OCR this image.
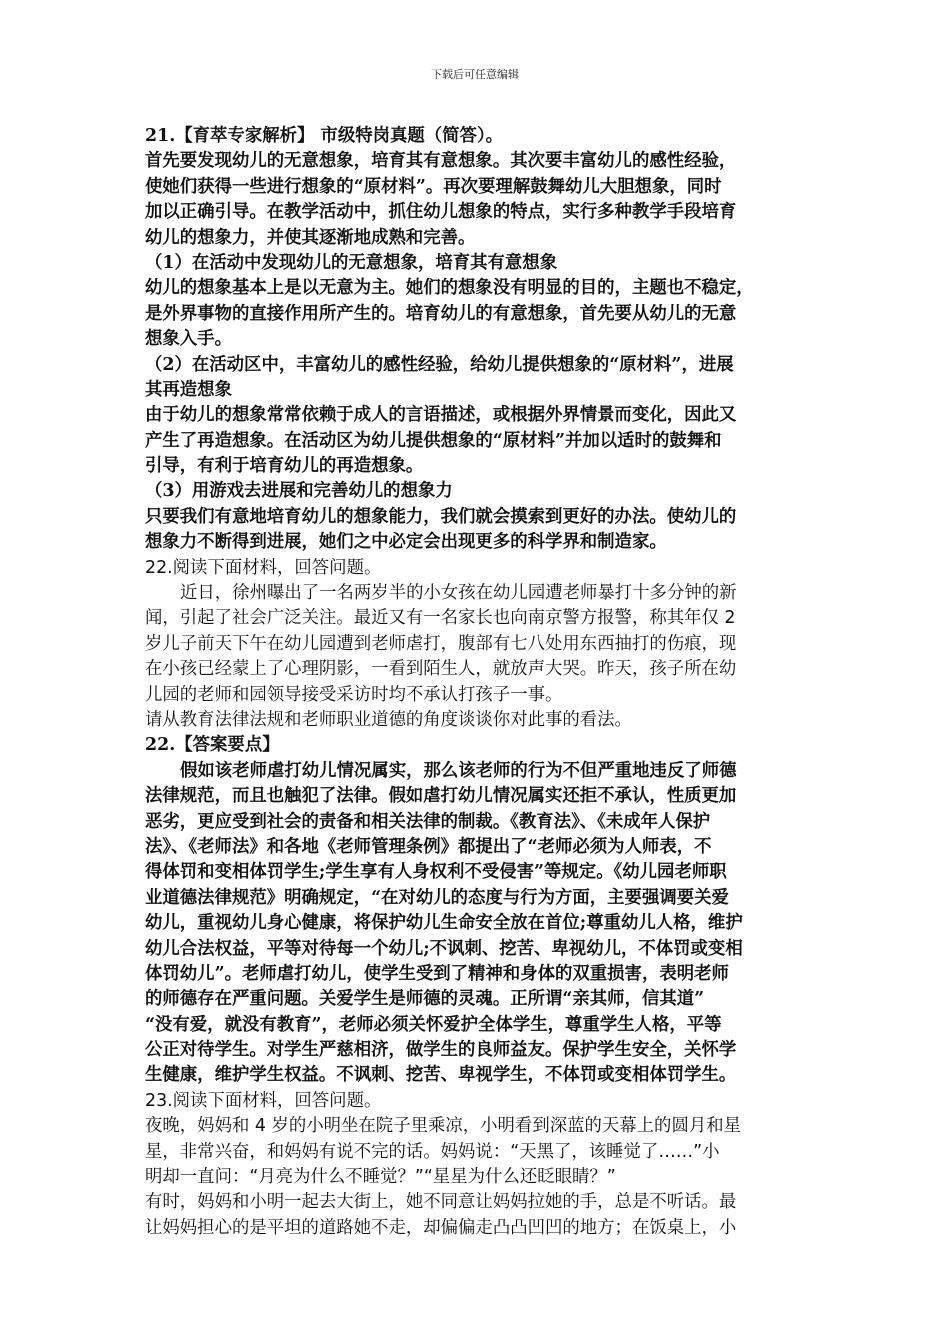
下载后可任意编辑
21.【育萃专家解析】 市级特岗真题（简答）。
首先要发现幼儿的无意想象，培育其有意想象。其次要丰富幼儿的感性经验，
使她们获得一些进行想象的“原材料”。再次要理解鼓舞幼儿大胆想象，同时
加以正确引导。在教学活动中，抓住幼儿想象的特点，实行多种教学手段培育
幼儿的想象力，并使其逐渐地成熟和完善。
（1）在活动中发现幼儿的无意想象，培育其有意想象
幼儿的想象基本上是以无意为主。她们的想象没有明显的目的，主题也不稳定，
是外界事物的直接作用所产生的。培育幼儿的有意想象，首先要从幼儿的无意
想象入手。
（2）在活动区中，丰富幼儿的感性经验，给幼儿提供想象的“原材料”，进展
其再造想象
由于幼儿的想象常常依赖于成人的言语描述，或根据外界情景而变化，因此又
产生了再造想象。在活动区为幼儿提供想象的“原材料”并加以适时的鼓舞和
引导，有利于培育幼儿的再造想象。
（3）用游戏去进展和完善幼儿的想象力
只要我们有意地培育幼儿的想象能力，我们就会摸索到更好的办法。使幼儿的
想象力不断得到进展，她们之中必定会出现更多的科学界和制造家。
22.阅读下面材料，回答问题。
近日，徐州曝出了一名两岁半的小女孩在幼儿园遭老师暴打十多分钟的新
闻，引起了社会广泛关注。最近又有一名家长也向南京警方报警，称其年仅 2
岁儿子前天下午在幼儿园遭到老师虐打，腹部有七八处用东西抽打的伤痕，现
在小孩已经蒙上了心理阴影，一看到陌生人，就放声大哭。昨天，孩子所在幼
儿园的老师和园领导接受采访时均不承认打孩子一事。
请从教育法律法规和老师职业道德的角度谈谈你对此事的看法。
22.【答案要点】
假如该老师虐打幼儿情况属实，那么该老师的行为不但严重地违反了师德
法律规范，而且也触犯了法律。假如虐打幼儿情况属实还拒不承认，性质更加
恶劣，更应受到社会的责备和相关法律的制裁。《教育法》、《未成年人保护
法》、《老师法》和各地《老师管理条例》都提出了“老师必须为人师表，不
得体罚和变相体罚学生;学生享有人身权利不受侵害”等规定。《幼儿园老师职
业道德法律规范》明确规定，“在对幼儿的态度与行为方面，主要强调要关爱
幼儿，重视幼儿身心健康，将保护幼儿生命安全放在首位;尊重幼儿人格，维护
幼儿合法权益，平等对待每一个幼儿;不讽刺、挖苦、卑视幼儿，不体罚或变相
体罚幼儿”。老师虐打幼儿，使学生受到了精神和身体的双重损害，表明老师
的师德存在严重问题。关爱学生是师德的灵魂。正所谓“亲其师，信其道”
“没有爱，就没有教育”，老师必须关怀爱护全体学生，尊重学生人格，平等
公正对待学生。对学生严慈相济，做学生的良师益友。保护学生安全，关怀学
生健康，维护学生权益。不讽刺、挖苦、卑视学生，不体罚或变相体罚学生。
23.阅读下面材料，回答问题。
夜晚，妈妈和 4 岁的小明坐在院子里乘凉，小明看到深蓝的天幕上的圆月和星
星，非常兴奋，和妈妈有说不完的话。妈妈说：“天黑了，该睡觉了……”小
明却一直问：“月亮为什么不睡觉？”“星星为什么还眨眼睛？”
有时，妈妈和小明一起去大街上，她不同意让妈妈拉她的手，总是不听话。最
让妈妈担心的是平坦的道路她不走，却偏偏走凸凸凹凹的地方；在饭桌上，小
